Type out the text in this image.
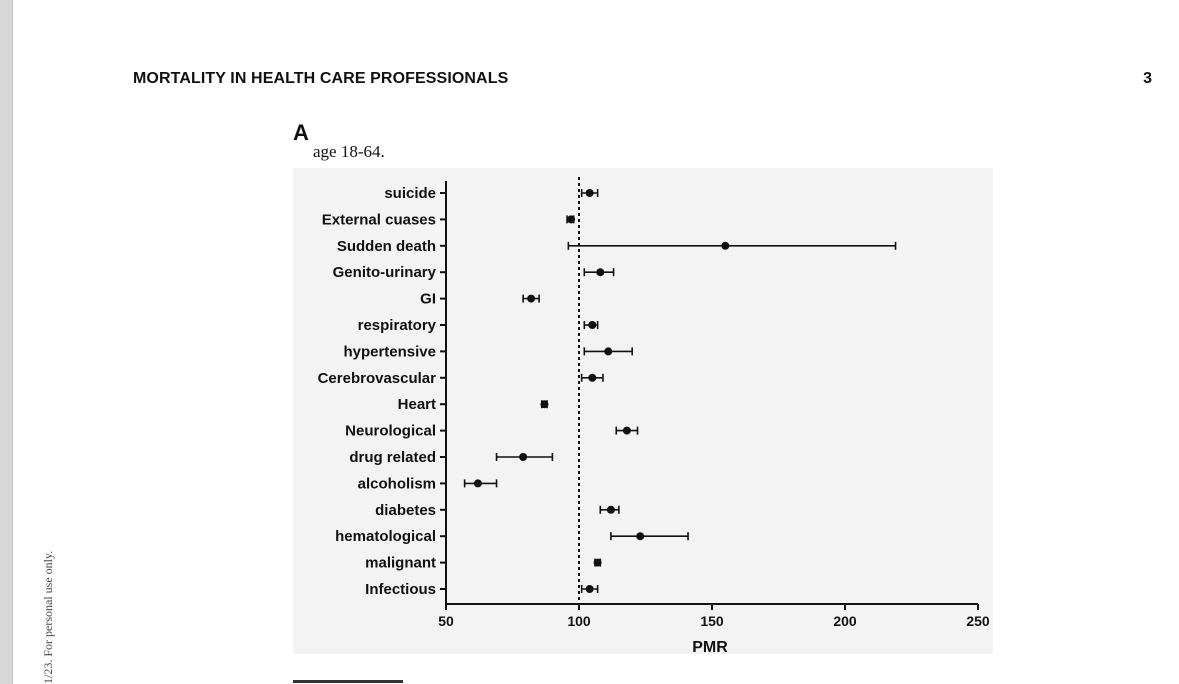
1/23. For personal use only.
MORTALITY IN HEALTH CARE PROFESSIONALS	3
A
age 18-64.
50	100	150	200	250
PMR
suicide
External cuases
Sudden death
Genito-urinary
GI
respiratory
hypertensive
Cerebrovascular
Heart
Neurological
drug related
alcoholism
diabetes
hematological
malignant
Infectious
